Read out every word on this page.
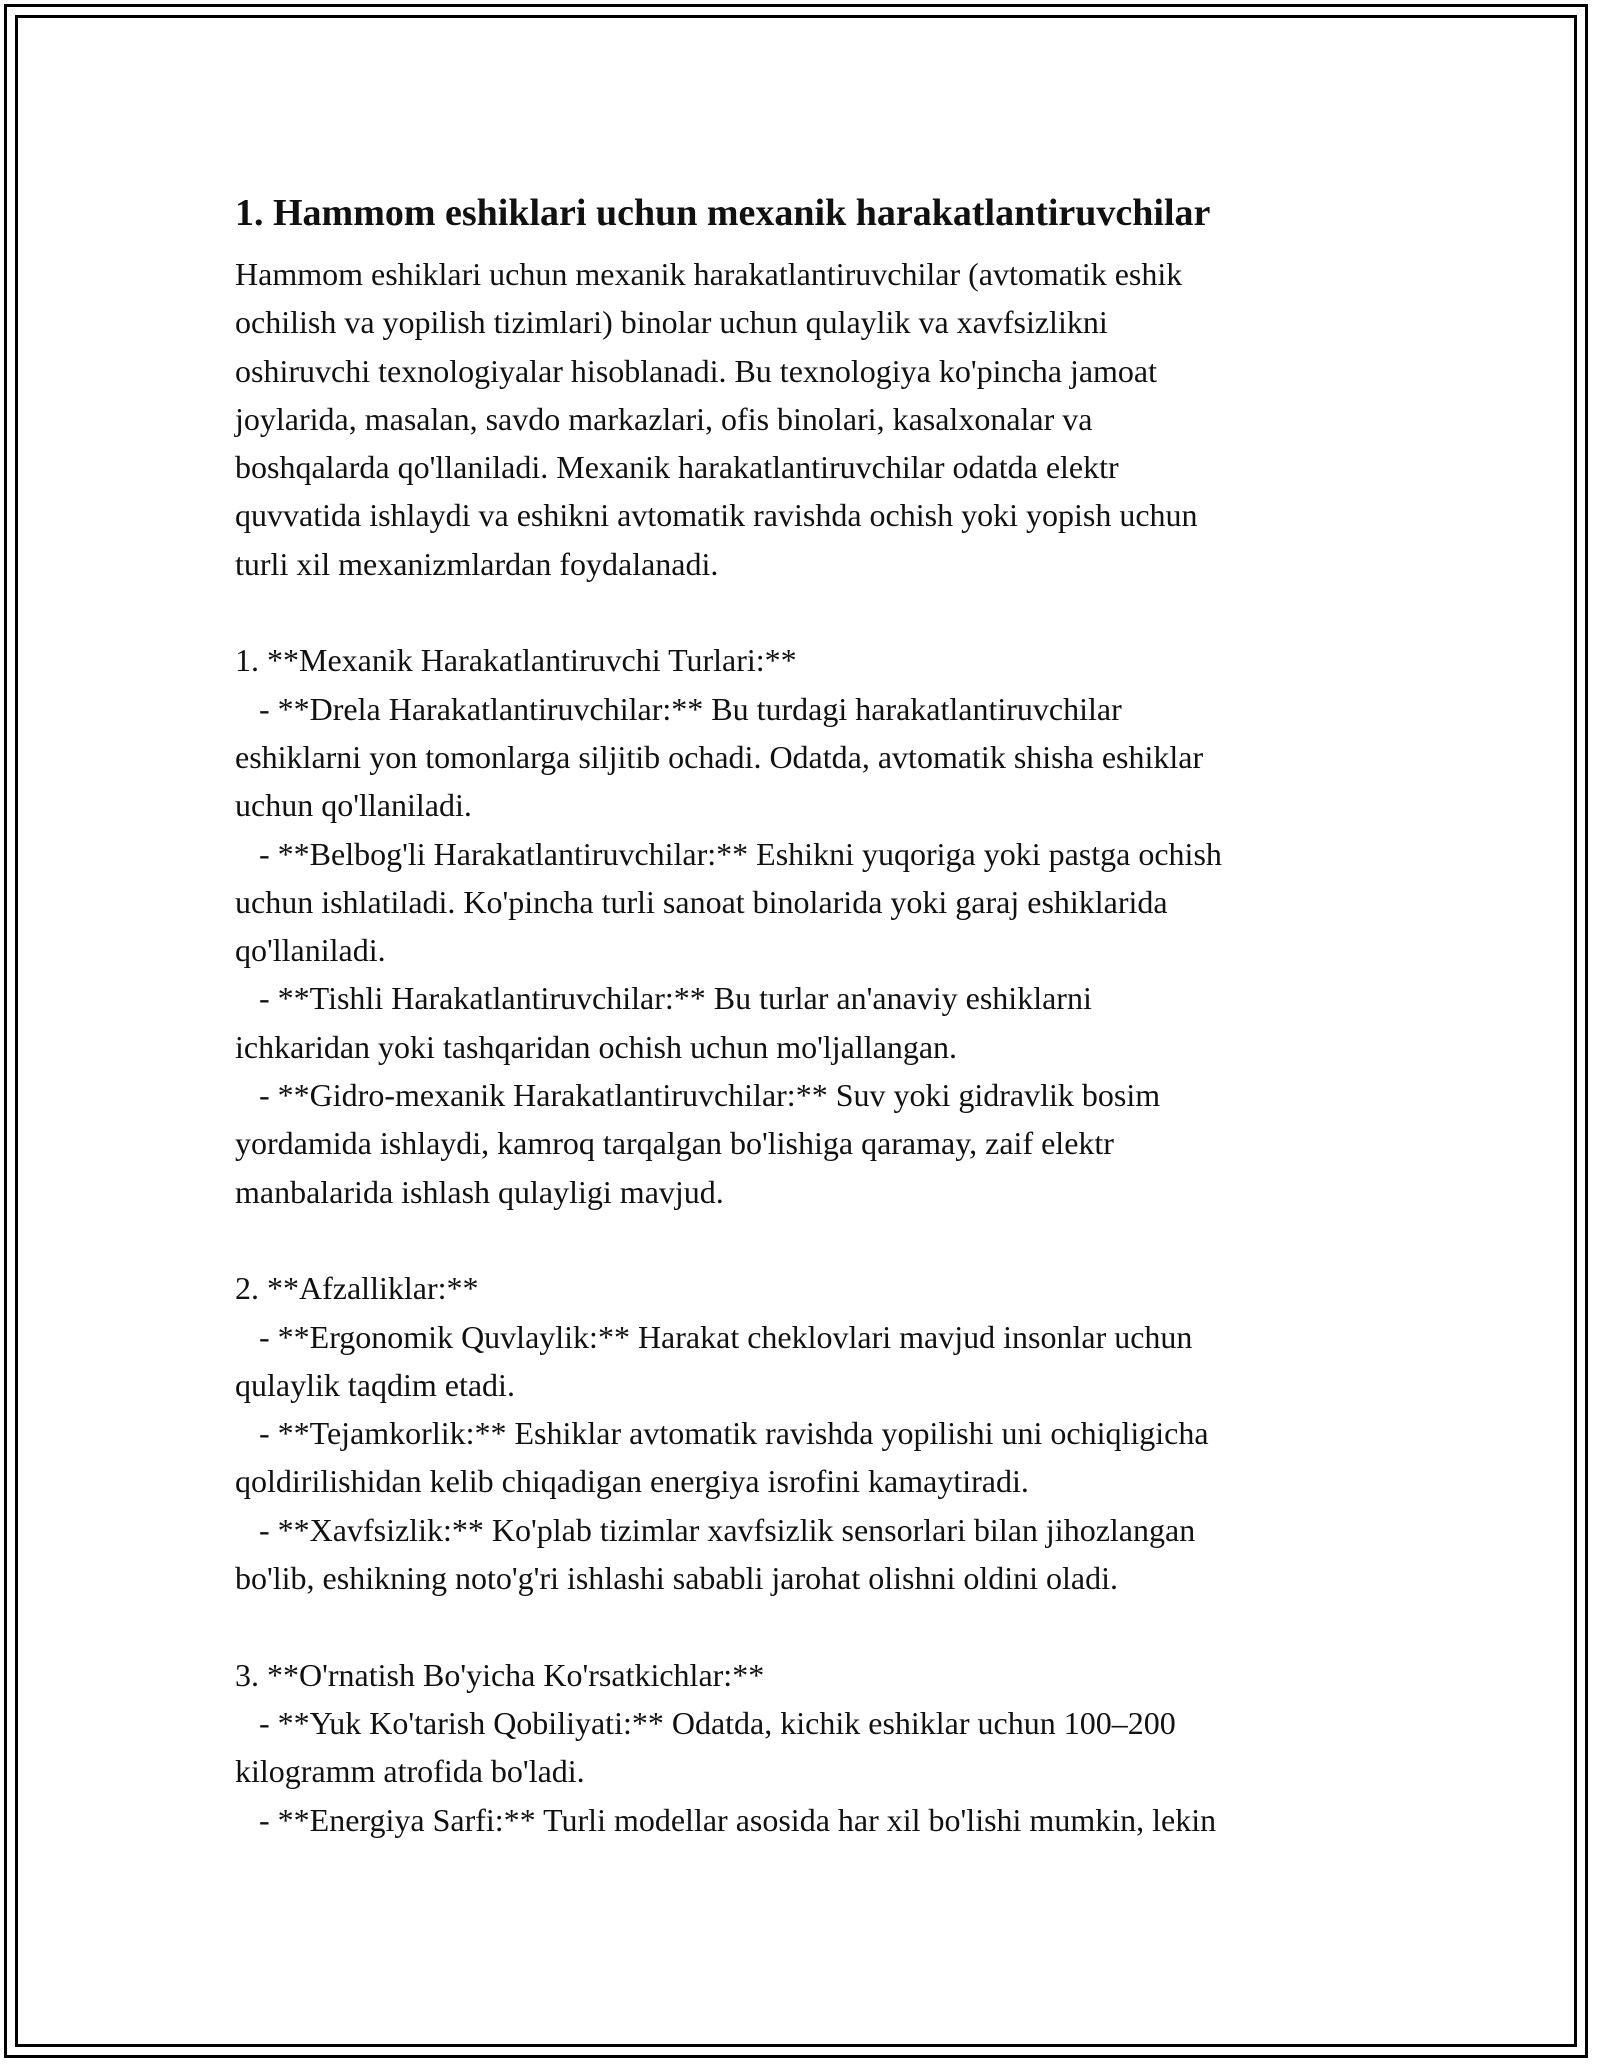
1. Hammom eshiklari uchun mexanik harakatlantiruvchilar
Hammom eshiklari uchun mexanik harakatlantiruvchilar (avtomatik eshik
ochilish va yopilish tizimlari) binolar uchun qulaylik va xavfsizlikni
oshiruvchi texnologiyalar hisoblanadi. Bu texnologiya ko'pincha jamoat
joylarida, masalan, savdo markazlari, ofis binolari, kasalxonalar va
boshqalarda qo'llaniladi. Mexanik harakatlantiruvchilar odatda elektr
quvvatida ishlaydi va eshikni avtomatik ravishda ochish yoki yopish uchun
turli xil mexanizmlardan foydalanadi.
1. **Mexanik Harakatlantiruvchi Turlari:**
- **Drela Harakatlantiruvchilar:** Bu turdagi harakatlantiruvchilar
eshiklarni yon tomonlarga siljitib ochadi. Odatda, avtomatik shisha eshiklar
uchun qo'llaniladi.
- **Belbog'li Harakatlantiruvchilar:** Eshikni yuqoriga yoki pastga ochish
uchun ishlatiladi. Ko'pincha turli sanoat binolarida yoki garaj eshiklarida
qo'llaniladi.
- **Tishli Harakatlantiruvchilar:** Bu turlar an'anaviy eshiklarni
ichkaridan yoki tashqaridan ochish uchun mo'ljallangan.
- **Gidro-mexanik Harakatlantiruvchilar:** Suv yoki gidravlik bosim
yordamida ishlaydi, kamroq tarqalgan bo'lishiga qaramay, zaif elektr
manbalarida ishlash qulayligi mavjud.
2. **Afzalliklar:**
- **Ergonomik Quvlaylik:** Harakat cheklovlari mavjud insonlar uchun
qulaylik taqdim etadi.
- **Tejamkorlik:** Eshiklar avtomatik ravishda yopilishi uni ochiqligicha
qoldirilishidan kelib chiqadigan energiya isrofini kamaytiradi.
- **Xavfsizlik:** Ko'plab tizimlar xavfsizlik sensorlari bilan jihozlangan
bo'lib, eshikning noto'g'ri ishlashi sababli jarohat olishni oldini oladi.
3. **O'rnatish Bo'yicha Ko'rsatkichlar:**
- **Yuk Ko'tarish Qobiliyati:** Odatda, kichik eshiklar uchun 100–200
kilogramm atrofida bo'ladi.
- **Energiya Sarfi:** Turli modellar asosida har xil bo'lishi mumkin, lekin
